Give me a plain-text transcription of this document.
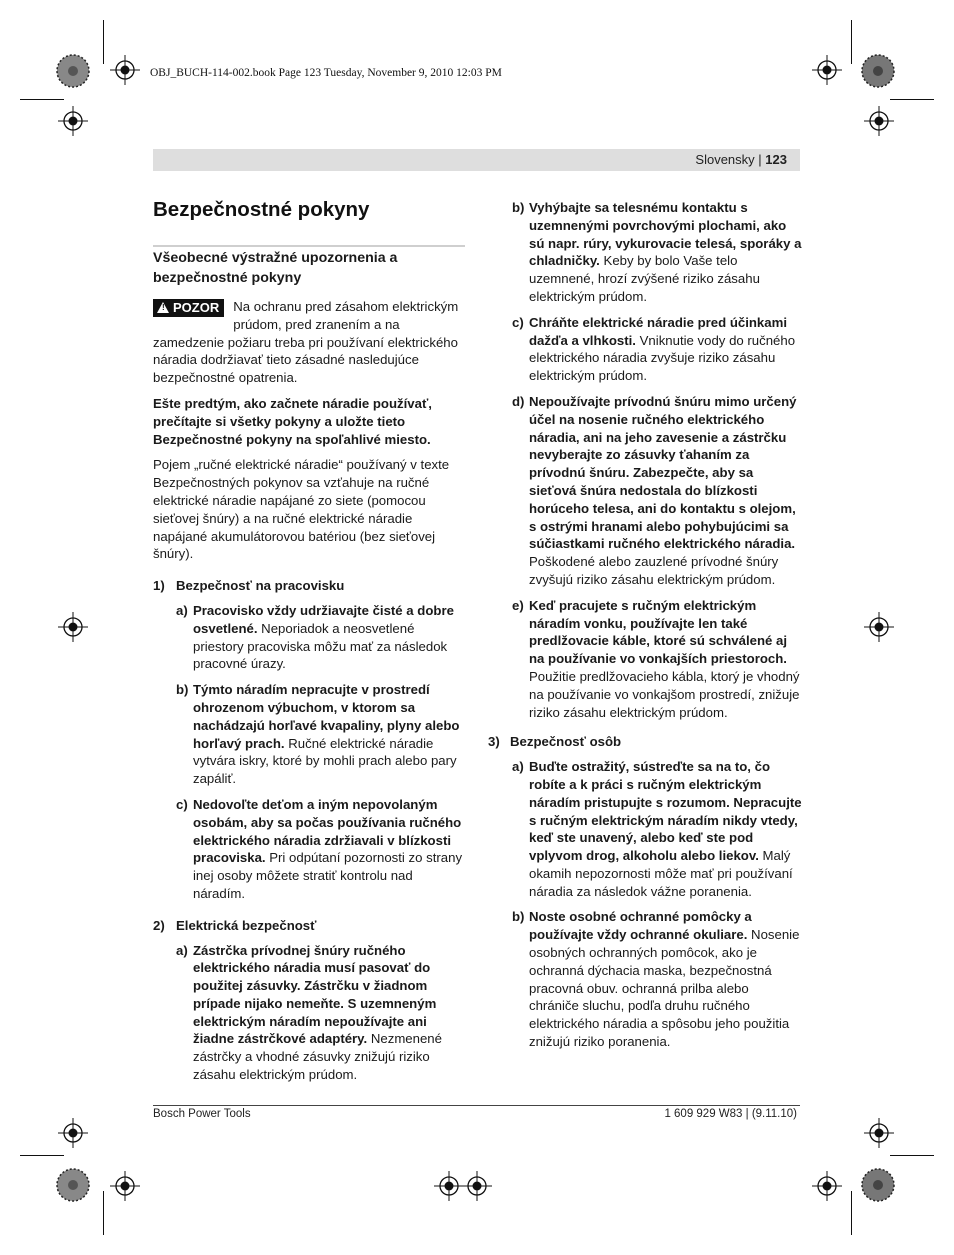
OBJ_BUCH-114-002.book Page 123 Tuesday, November 9, 2010 12:03 PM
Slovensky | 123
Bezpečnostné pokyny
Všeobecné výstražné upozornenia a bezpečnostné pokyny
! POZOR	Na ochranu pred zásahom elektrickým prúdom, pred zranením a na zamedzenie požiaru treba pri používaní elektrického náradia dodržiavať tieto zásadné nasledujúce bezpečnostné opatrenia.

Ešte predtým, ako začnete náradie používať, prečítajte si všetky pokyny a uložte tieto Bezpečnostné pokyny na spoľahlivé miesto.

Pojem „ručné elektrické náradie“ používaný v texte Bezpečnostných pokynov sa vzťahuje na ručné elektrické náradie napájané zo siete (pomocou sieťovej šnúry) a na ručné elektrické náradie napájané akumulátorovou batériou (bez sieťovej šnúry).

1) Bezpečnosť na pracovisku
a) Pracovisko vždy udržiavajte čisté a dobre osvetlené. Neporiadok a neosvetlené priestory pracoviska môžu mať za následok pracovné úrazy.
b) Týmto náradím nepracujte v prostredí ohrozenom výbuchom, v ktorom sa nachádzajú horľavé kvapaliny, plyny alebo horľavý prach. Ručné elektrické náradie vytvára iskry, ktoré by mohli prach alebo pary zapáliť.
c) Nedovoľte deťom a iným nepovolaným osobám, aby sa počas používania ručného elektrického náradia zdržiavali v blízkosti pracoviska. Pri odpútaní pozornosti zo strany inej osoby môžete stratiť kontrolu nad náradím.
2) Elektrická bezpečnosť
a) Zástrčka prívodnej šnúry ručného elektrického náradia musí pasovať do použitej zásuvky. Zástrčku v žiadnom prípade nijako nemeňte. S uzemneným elektrickým náradím nepoužívajte ani žiadne zástrčkové adaptéry. Nezmenené zástrčky a vhodné zásuvky znižujú riziko zásahu elektrickým prúdom.
b) Vyhýbajte sa telesnému kontaktu s uzemnenými povrchovými plochami, ako sú napr. rúry, vykurovacie telesá, sporáky a chladničky. Keby by bolo Vaše telo uzemnené, hrozí zvýšené riziko zásahu elektrickým prúdom.
c) Chráňte elektrické náradie pred účinkami dažďa a vlhkosti. Vniknutie vody do ručného elektrického náradia zvyšuje riziko zásahu elektrickým prúdom.
d) Nepoužívajte prívodnú šnúru mimo určený účel na nosenie ručného elektrického náradia, ani na jeho zavesenie a zástrčku nevyberajte zo zásuvky ťahaním za prívodnú šnúru. Zabezpečte, aby sa sieťová šnúra nedostala do blízkosti horúceho telesa, ani do kontaktu s olejom, s ostrými hranami alebo pohybujúcimi sa súčiastkami ručného elektrického náradia. Poškodené alebo zauzlené prívodné šnúry zvyšujú riziko zásahu elektrickým prúdom.
e) Keď pracujete s ručným elektrickým náradím vonku, používajte len také predlžovacie káble, ktoré sú schválené aj na používanie vo vonkajších priestoroch. Použitie predlžovacieho kábla, ktorý je vhodný na používanie vo vonkajšom prostredí, znižuje riziko zásahu elektrickým prúdom.
3) Bezpečnosť osôb
a) Buďte ostražitý, sústreďte sa na to, čo robíte a k práci s ručným elektrickým náradím pristupujte s rozumom. Nepracujte s ručným elektrickým náradím nikdy vtedy, keď ste unavený, alebo keď ste pod vplyvom drog, alkoholu alebo liekov. Malý okamih nepozornosti môže mať pri používaní náradia za následok vážne poranenia.
b) Noste osobné ochranné pomôcky a používajte vždy ochranné okuliare. Nosenie osobných ochranných pomôcok, ako je ochranná dýchacia maska, bezpečnostná pracovná obuv. ochranná prilba alebo chrániče sluchu, podľa druhu ručného elektrického náradia a spôsobu jeho použitia znižujú riziko poranenia.
Bosch Power Tools	1 609 929 W83 | (9.11.10)
